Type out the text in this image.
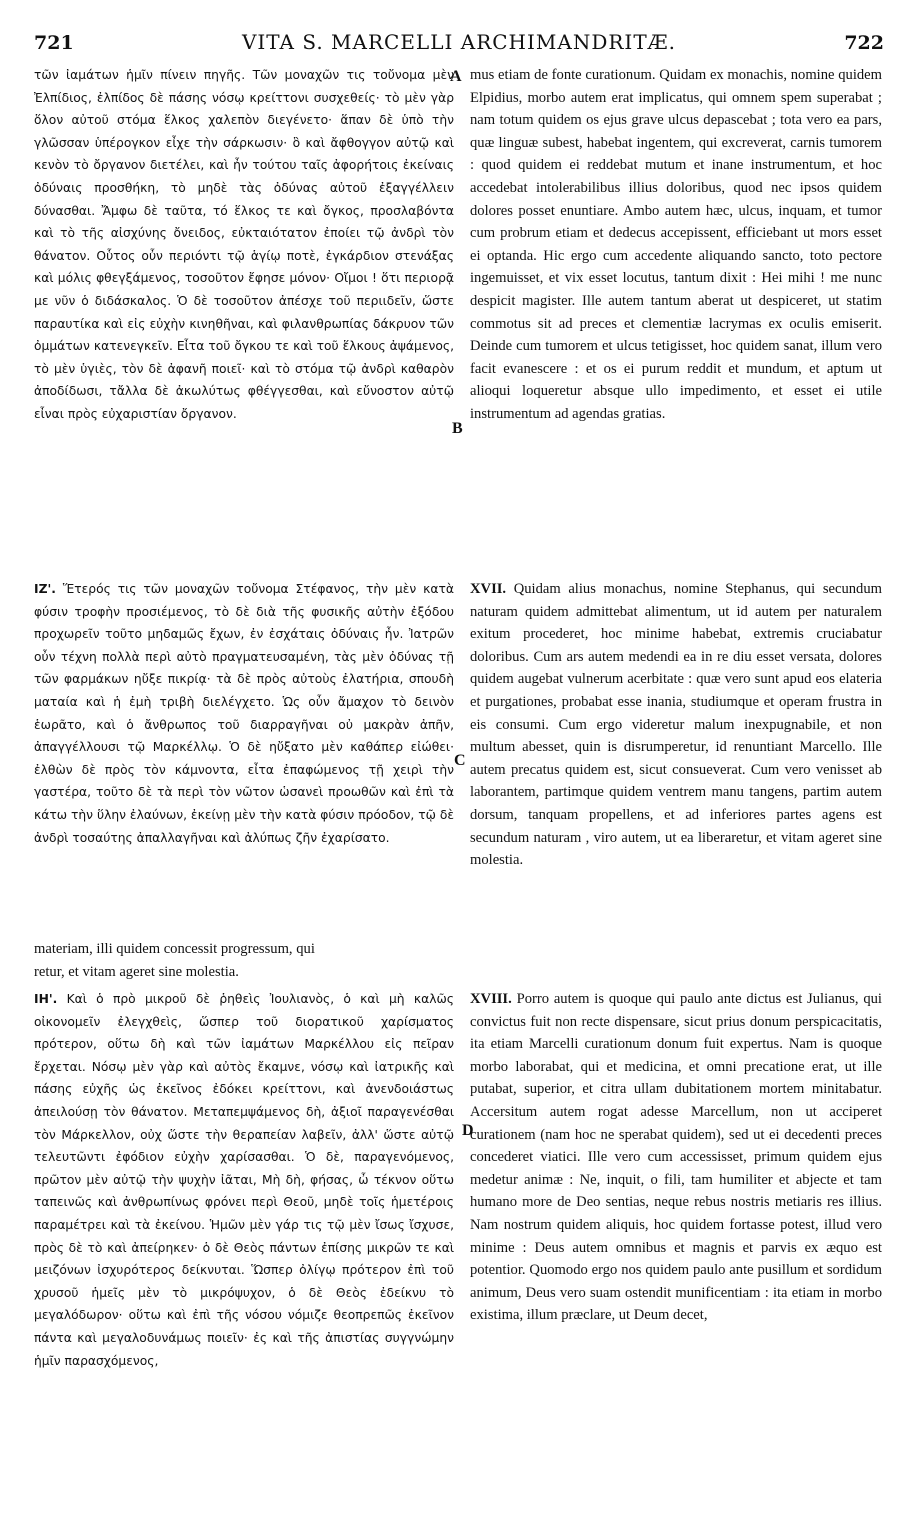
721	VITA S. MARCELLI ARCHIMANDRITÆ.	722

τῶν ἰαμάτων ἡμῖν πίνειν πηγῆς. Τῶν μοναχῶν τις τοὔνομα μὲν Ἐλπίδιος, ἐλπίδος δὲ πάσης νόσῳ κρείττονι συσχεθείς· τὸ μὲν γὰρ ὅλον αὐτοῦ στόμα ἕλκος χαλεπὸν διεγένετο· ἅπαν δὲ ὑπὸ τὴν γλῶσσαν ὑπέρογκον εἶχε τὴν σάρκωσιν· ὃ καὶ ἄφθογγον αὐτῷ καὶ κενὸν τὸ ὄργανον διετέλει, καὶ ἦν τούτου ταῖς ἀφορήτοις ἐκείναις ὀδύναις προσθήκη, τὸ μηδὲ τὰς ὀδύνας αὐτοῦ ἐξαγγέλλειν δύνασθαι. Ἄμφω δὲ ταῦτα, τό ἕλκος τε καὶ ὄγκος, προσλαβόντα καὶ τὸ τῆς αἰσχύνης ὄνειδος, εὐκταιότατον ἐποίει τῷ ἀνδρὶ τὸν θάνατον. Οὗτος οὖν περιόντι τῷ ἁγίῳ ποτὲ, ἐγκάρδιον στενάξας καὶ μόλις φθεγξάμενος, τοσοῦτον ἔφησε μόνον· Οἴμοι ! ὅτι περιορᾷ με νῦν ὁ διδάσκαλος. Ὁ δὲ τοσοῦτον ἀπέσχε τοῦ περιιδεῖν, ὥστε παραυτίκα καὶ εἰς εὐχὴν κινηθῆναι, καὶ φιλανθρωπίας δάκρυον τῶν ὀμμάτων κατενεγκεῖν. Εἶτα τοῦ ὄγκου τε καὶ τοῦ ἕλκους ἀψάμενος, τὸ μὲν ὑγιὲς, τὸν δὲ ἀφανῆ ποιεῖ· καὶ τὸ στόμα τῷ ἀνδρὶ καθαρὸν ἀποδίδωσι, τἄλλα δὲ ἀκωλύτως φθέγγεσθαι, καὶ εὔνοστον αὐτῷ εἶναι πρὸς εὐχαριστίαν ὄργανον.

ΙΖ'. Ἕτερός τις τῶν μοναχῶν τοὔνομα Στέφανος, τὴν μὲν κατὰ φύσιν τροφὴν προσιέμενος, τὸ δὲ διὰ τῆς φυσικῆς αὐτὴν ἐξόδου προχωρεῖν τοῦτο μηδαμῶς ἔχων, ἐν ἐσχάταις ὀδύναις ἦν. Ἰατρῶν οὖν τέχνη πολλὰ περὶ αὐτὸ πραγματευσαμένη, τὰς μὲν ὀδύνας τῇ τῶν φαρμάκων ηὔξε πικρίᾳ· τὰ δὲ πρὸς αὐτοὺς ἐλατήρια, σπουδὴ ματαία καὶ ἡ ἐμὴ τριβὴ διελέγχετο. Ὡς οὖν ἄμαχον τὸ δεινὸν ἑωρᾶτο, καὶ ὁ ἄνθρωπος τοῦ διαρραγῆναι οὐ μακρὰν ἀπῆν, ἀπαγγέλλουσι τῷ Μαρκέλλῳ. Ὁ δὲ ηὔξατο μὲν καθάπερ εἰώθει· ἐλθὼν δὲ πρὸς τὸν κάμνοντα, εἶτα ἐπαφώμενος τῇ χειρὶ τὴν γαστέρα, τοῦτο δὲ τὰ περὶ τὸν νῶτον ὡσανεὶ προωθῶν καὶ ἐπὶ τὰ κάτω τὴν ὕλην ἐλαύνων, ἐκείνῃ μὲν τὴν κατὰ φύσιν πρόοδον, τῷ δὲ ἀνδρὶ τοσαύτης ἀπαλλαγῆναι καὶ ἀλύπως ζῆν ἐχαρίσατο.

materiam, illi quidem concessit progressum, qui

retur, et vitam ageret sine molestia.

ΙΗ'. Καὶ ὁ πρὸ μικροῦ δὲ ῥηθεὶς Ἰουλιανὸς, ὁ καὶ μὴ καλῶς οἰκονομεῖν ἐλεγχθεὶς, ὥσπερ τοῦ διορατικοῦ χαρίσματος πρότερον, οὕτω δὴ καὶ τῶν ἰαμάτων Μαρκέλλου εἰς πεῖραν ἔρχεται. Νόσῳ μὲν γὰρ καὶ αὐτὸς ἔκαμνε, νόσῳ καὶ ἰατρικῆς καὶ πάσης εὐχῆς ὡς ἐκεῖνος ἐδόκει κρείττονι, καὶ ἀνενδοιάστως ἀπειλούσῃ τὸν θάνατον. Μεταπεμψάμενος δὴ, ἀξιοῖ παραγενέσθαι τὸν Μάρκελλον, οὐχ ὥστε τὴν θεραπείαν λαβεῖν, ἀλλ' ὥστε αὐτῷ τελευτῶντι ἐφόδιον εὐχὴν χαρίσασθαι. Ὁ δὲ, παραγενόμενος, πρῶτον μὲν αὐτῷ τὴν ψυχὴν ἰᾶται, Μὴ δὴ, φήσας, ὦ τέκνον οὕτω ταπεινῶς καὶ ἀνθρωπίνως φρόνει περὶ Θεοῦ, μηδὲ τοῖς ἡμετέροις παραμέτρει καὶ τὰ ἐκείνου. Ἡμῶν μὲν γάρ τις τῷ μὲν ἴσως ἴσχυσε, πρὸς δὲ τὸ καὶ ἀπείρηκεν· ὁ δὲ Θεὸς πάντων ἐπίσης μικρῶν τε καὶ μειζόνων ἰσχυρότερος δείκνυται. Ὥσπερ ὀλίγῳ πρότερον ἐπὶ τοῦ χρυσοῦ ἡμεῖς μὲν τὸ μικρόψυχον, ὁ δὲ Θεὸς ἐδείκνυ τὸ μεγαλόδωρον· οὕτω καὶ ἐπὶ τῆς νόσου νόμιζε θεοπρεπῶς ἐκεῖνον πάντα καὶ μεγαλοδυνάμως ποιεῖν· ἐς καὶ τῆς ἀπιστίας συγγνώμην ἡμῖν παρασχόμενος,

A
B
C
D

mus etiam de fonte curationum. Quidam ex monachis, nomine quidem Elpidius, morbo autem erat implicatus, qui omnem spem superabat ; nam totum quidem os ejus grave ulcus depascebat ; tota vero ea pars, quæ linguæ subest, habebat ingentem, qui excreverat, carnis tumorem : quod quidem ei reddebat mutum et inane instrumentum, et hoc accedebat intolerabilibus illius doloribus, quod nec ipsos quidem dolores posset enuntiare. Ambo autem hæc, ulcus, inquam, et tumor cum probrum etiam et dedecus accepissent, efficiebant ut mors esset ei optanda. Hic ergo cum accedente aliquando sancto, toto pectore ingemuisset, et vix esset locutus, tantum dixit : Hei mihi ! me nunc despicit magister. Ille autem tantum aberat ut despiceret, ut statim commotus sit ad preces et clementiæ lacrymas ex oculis emiserit. Deinde cum tumorem et ulcus tetigisset, hoc quidem sanat, illum vero facit evanescere : et os ei purum reddit et mundum, et aptum ut alioqui loqueretur absque ullo impedimento, et esset ei utile instrumentum ad agendas gratias.

XVII. Quidam alius monachus, nomine Stephanus, qui secundum naturam quidem admittebat alimentum, ut id autem per naturalem exitum procederet, hoc minime habebat, extremis cruciabatur doloribus. Cum ars autem medendi ea in re diu esset versata, dolores quidem augebat vulnerum acerbitate : quæ vero sunt apud eos elateria et purgationes, probabat esse inania, studiumque et operam frustra in eis consumi. Cum ergo videretur malum inexpugnabile, et non multum abesset, quin is disrumperetur, id renuntiant Marcello. Ille autem precatus quidem est, sicut consueverat. Cum vero venisset ab laborantem, partimque quidem ventrem manu tangens, partim autem dorsum, tanquam propellens, et ad inferiores partes agens est secundum naturam , viro autem, ut ea liberaretur, et vitam ageret sine molestia.

XVIII. Porro autem is quoque qui paulo ante dictus est Julianus, qui convictus fuit non recte dispensare, sicut prius donum perspicacitatis, ita etiam Marcelli curationum donum fuit expertus. Nam is quoque morbo laborabat, qui et medicina, et omni precatione erat, ut ille putabat, superior, et citra ullam dubitationem mortem minitabatur. Accersitum autem rogat adesse Marcellum, non ut acciperet curationem (nam hoc ne sperabat quidem), sed ut ei decedenti preces concederet viatici. Ille vero cum accessisset, primum quidem ejus medetur animæ : Ne, inquit, o fili, tam humiliter et abjecte et tam humano more de Deo sentias, neque rebus nostris metiaris res illius. Nam nostrum quidem aliquis, hoc quidem fortasse potest, illud vero minime : Deus autem omnibus et magnis et parvis ex æquo est potentior. Quomodo ergo nos quidem paulo ante pusillum et sordidum animum, Deus vero suam ostendit munificentiam : ita etiam in morbo existima, illum præclare, ut Deum decet,
